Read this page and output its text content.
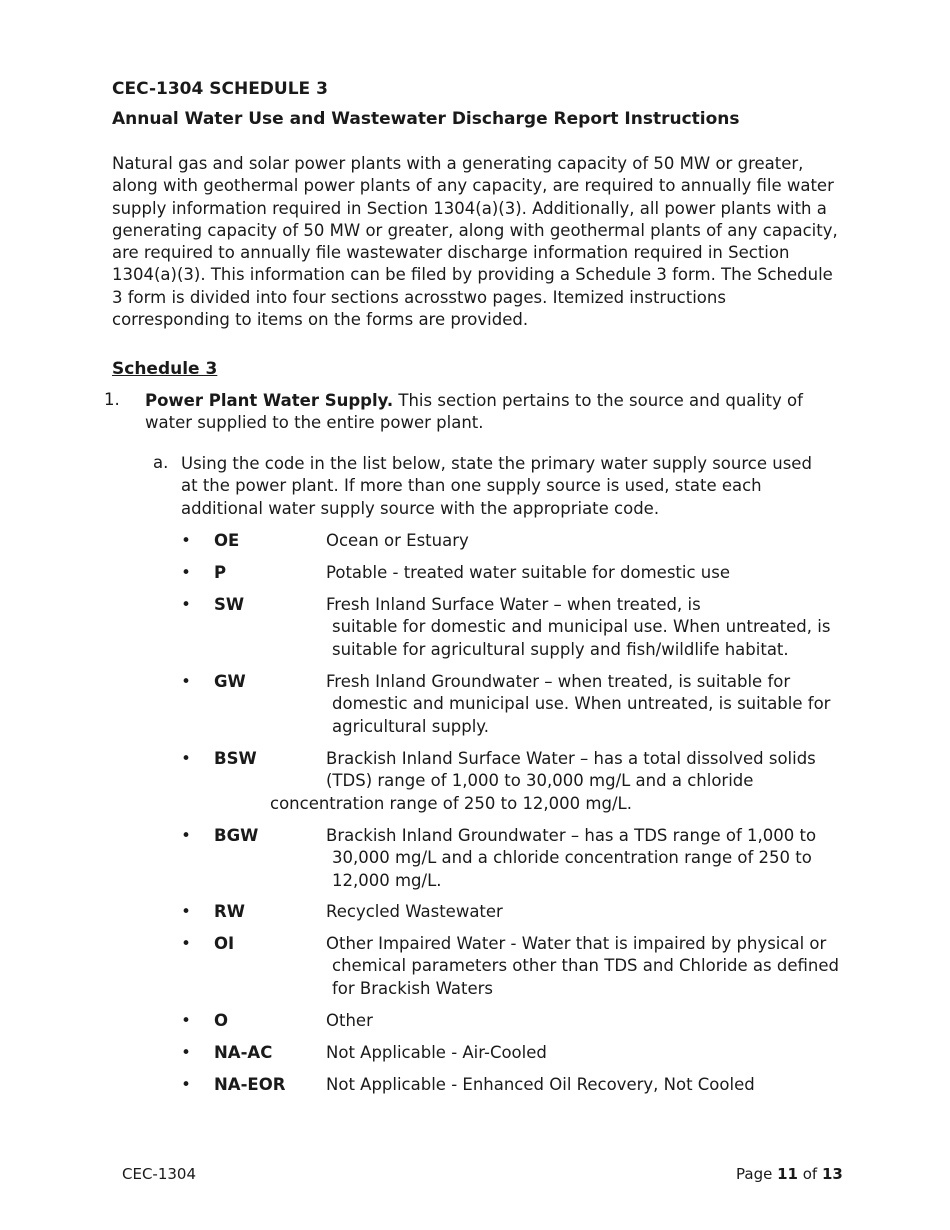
CEC-1304 SCHEDULE 3
Annual Water Use and Wastewater Discharge Report Instructions

Natural gas and solar power plants with a generating capacity of 50 MW or greater, along with geothermal power plants of any capacity, are required to annually file water supply information required in Section 1304(a)(3). Additionally, all power plants with a generating capacity of 50 MW or greater, along with geothermal plants of any capacity, are required to annually file wastewater discharge information required in Section 1304(a)(3). This information can be filed by providing a Schedule 3 form. The Schedule 3 form is divided into four sections acrosstwo pages. Itemized instructions corresponding to items on the forms are provided.

Schedule 3
1. Power Plant Water Supply. This section pertains to the source and quality of water supplied to the entire power plant.

a. Using the code in the list below, state the primary water supply source used at the power plant. If more than one supply source is used, state each additional water supply source with the appropriate code.

• OE	Ocean or Estuary
• P	Potable - treated water suitable for domestic use
• SW	Fresh Inland Surface Water – when treated, is
suitable for domestic and municipal use. When untreated, is
suitable for agricultural supply and fish/wildlife habitat.
• GW	Fresh Inland Groundwater – when treated, is suitable for
domestic and municipal use. When untreated, is suitable for
agricultural supply.
• BSW	Brackish Inland Surface Water – has a total dissolved solids
(TDS) range of 1,000 to 30,000 mg/L and a chloride
concentration range of 250 to 12,000 mg/L.
• BGW	Brackish Inland Groundwater – has a TDS range of 1,000 to
30,000 mg/L and a chloride concentration range of 250 to
12,000 mg/L.
• RW	Recycled Wastewater
• OI	Other Impaired Water - Water that is impaired by physical or
chemical parameters other than TDS and Chloride as defined
for Brackish Waters
• O	Other
• NA-AC	Not Applicable - Air-Cooled
• NA-EOR Not Applicable - Enhanced Oil Recovery, Not Cooled
CEC-1304	Page 11 of 13
